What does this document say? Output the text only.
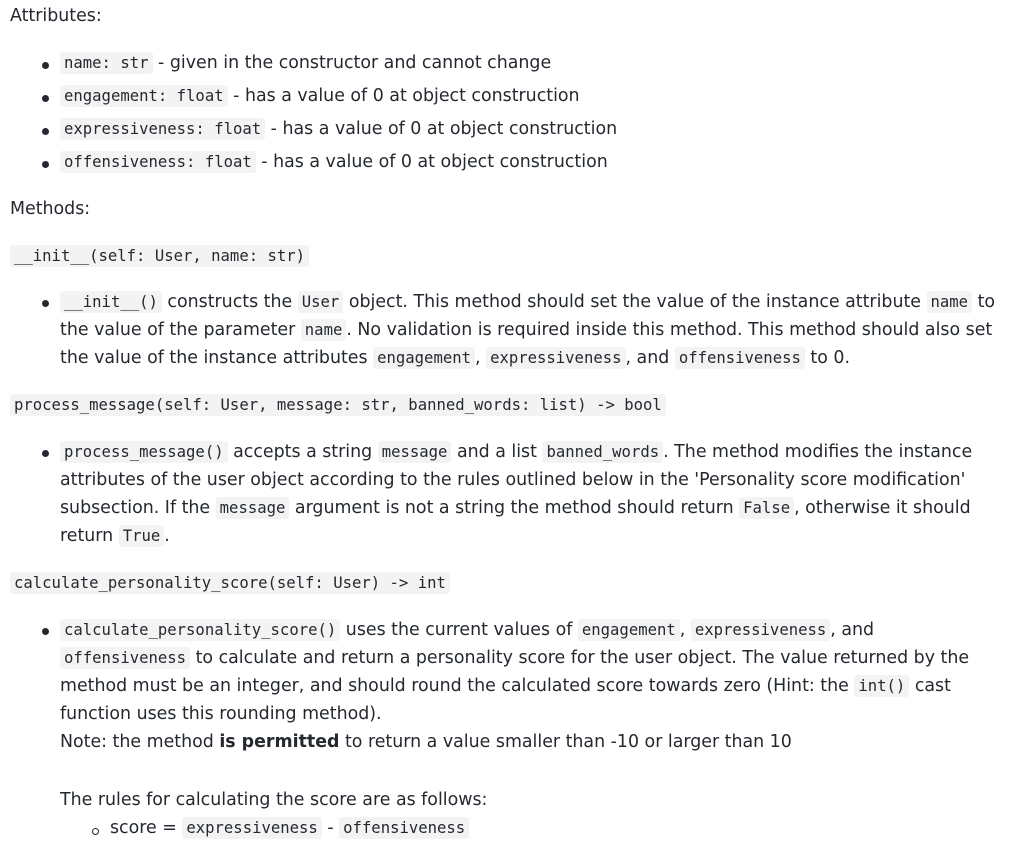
Attributes:

name: str - given in the constructor and cannot change
engagement: float - has a value of 0 at object construction
expressiveness: float - has a value of 0 at object construction
offensiveness: float - has a value of 0 at object construction

Methods:

__init__(self: User, name: str)

__init__() constructs the User object. This method should set the value of the instance attribute name to
the value of the parameter name . No validation is required inside this method. This method should also set
the value of the instance attributes engagement , expressiveness , and offensiveness to 0.

process_message(self: User, message: str, banned_words: list) -> bool

process_message() accepts a string message and a list banned_words . The method modifies the instance
attributes of the user object according to the rules outlined below in the 'Personality score modification'
subsection. If the message argument is not a string the method should return False , otherwise it should
return True .

calculate_personality_score(self: User) -> int

calculate_personality_score() uses the current values of engagement , expressiveness , and
offensiveness to calculate and return a personality score for the user object. The value returned by the
method must be an integer, and should round the calculated score towards zero (Hint: the int() cast
function uses this rounding method).
Note: the method is permitted to return a value smaller than -10 or larger than 10

The rules for calculating the score are as follows:

score = expressiveness - offensiveness
